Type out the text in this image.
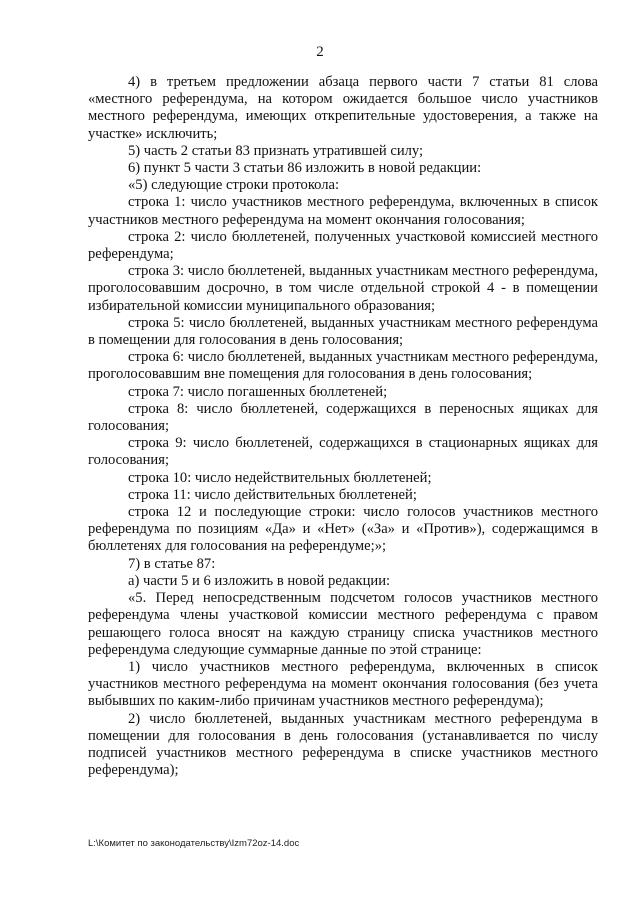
2

4) в третьем предложении абзаца первого части 7 статьи 81 слова «местного референдума, на котором ожидается большое число участников местного референдума, имеющих открепительные удостоверения, а также на участке» исключить;

5) часть 2 статьи 83 признать утратившей силу;

6) пункт 5 части 3 статьи 86 изложить в новой редакции:

«5) следующие строки протокола:

строка 1: число участников местного референдума, включенных в список участников местного референдума на момент окончания голосования;

строка 2: число бюллетеней, полученных участковой комиссией местного референдума;

строка 3: число бюллетеней, выданных участникам местного референдума, проголосовавшим досрочно, в том числе отдельной строкой 4 - в помещении избирательной комиссии муниципального образования;

строка 5: число бюллетеней, выданных участникам местного референдума в помещении для голосования в день голосования;

строка 6: число бюллетеней, выданных участникам местного референдума, проголосовавшим вне помещения для голосования в день голосования;

строка 7: число погашенных бюллетеней;

строка 8: число бюллетеней, содержащихся в переносных ящиках для голосования;

строка 9: число бюллетеней, содержащихся в стационарных ящиках для голосования;

строка 10: число недействительных бюллетеней;

строка 11: число действительных бюллетеней;

строка 12 и последующие строки: число голосов участников местного референдума по позициям «Да» и «Нет» («За» и «Против»), содержащимся в бюллетенях для голосования на референдуме;»;

7) в статье 87:

а) части 5 и 6 изложить в новой редакции:

«5. Перед непосредственным подсчетом голосов участников местного референдума члены участковой комиссии местного референдума с правом решающего голоса вносят на каждую страницу списка участников местного референдума следующие суммарные данные по этой странице:

1) число участников местного референдума, включенных в список участников местного референдума на момент окончания голосования (без учета выбывших по каким-либо причинам участников местного референдума);

2) число бюллетеней, выданных участникам местного референдума в помещении для голосования в день голосования (устанавливается по числу подписей участников местного референдума в списке участников местного референдума);

L:\Комитет по законодательству\Izm72oz-14.doc
